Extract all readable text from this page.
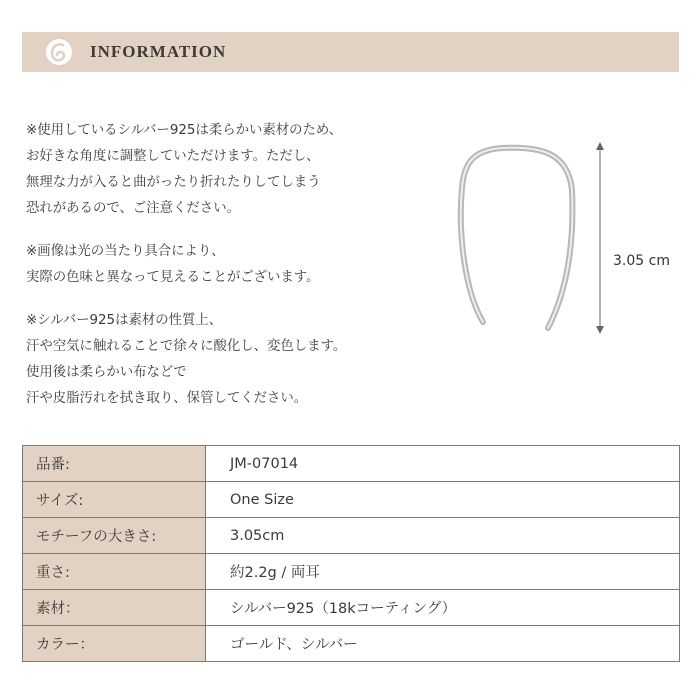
INFORMATION
※使用しているシルバー925は柔らかい素材のため、
お好きな角度に調整していただけます。ただし、
無理な力が入ると曲がったり折れたりしてしまう
恐れがあるので、ご注意ください。
※画像は光の当たり具合により、
実際の色味と異なって見えることがございます。
※シルバー925は素材の性質上、
汗や空気に触れることで徐々に酸化し、変色します。
使用後は柔らかい布などで
汗や皮脂汚れを拭き取り、保管してください。
3.05 cm
品番:	JM-07014
サイズ:	One Size
モチーフの大きさ:	3.05cm
重さ:	約2.2g / 両耳
素材：	シルバー925（18kコーティング）
カラー：	ゴールド、シルバー
